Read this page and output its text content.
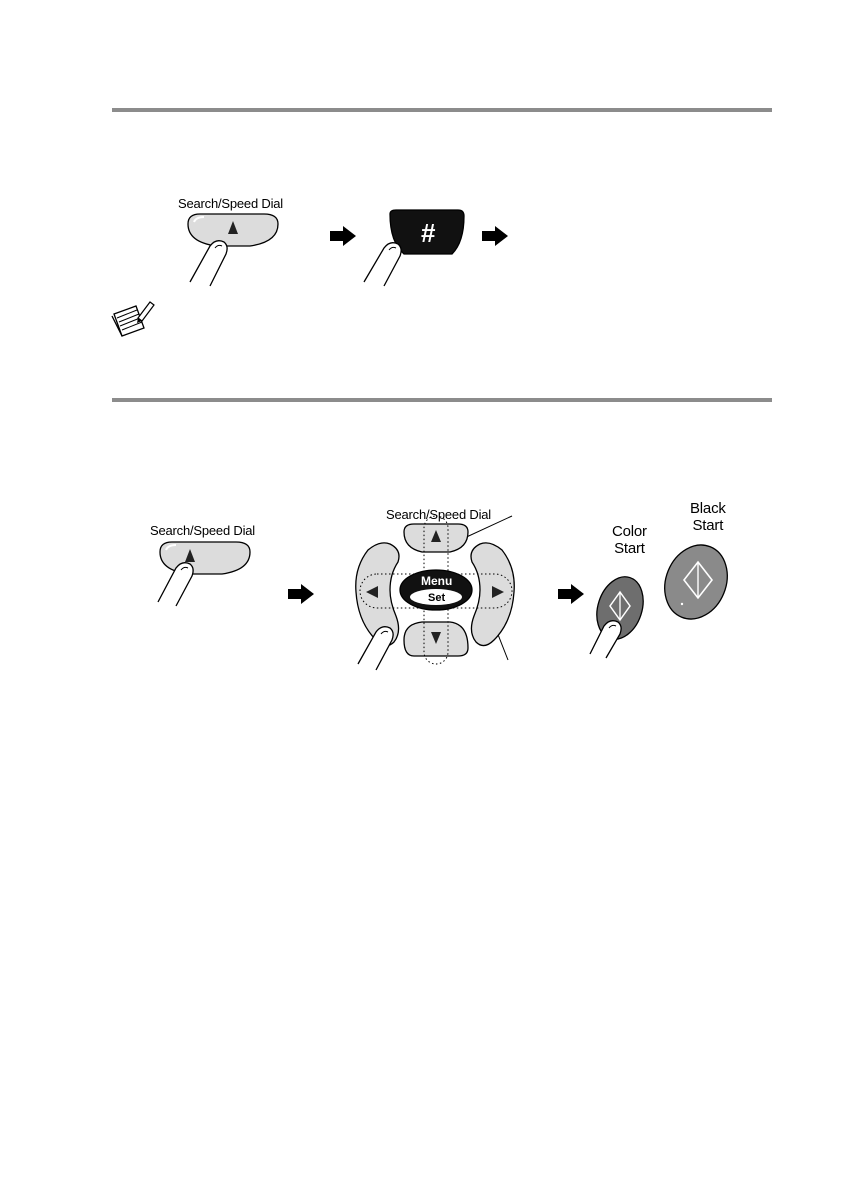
Search/Speed Dial
#
Search/Speed Dial
Search/Speed Dial
Menu
Set
Color
Start
Black
Start
